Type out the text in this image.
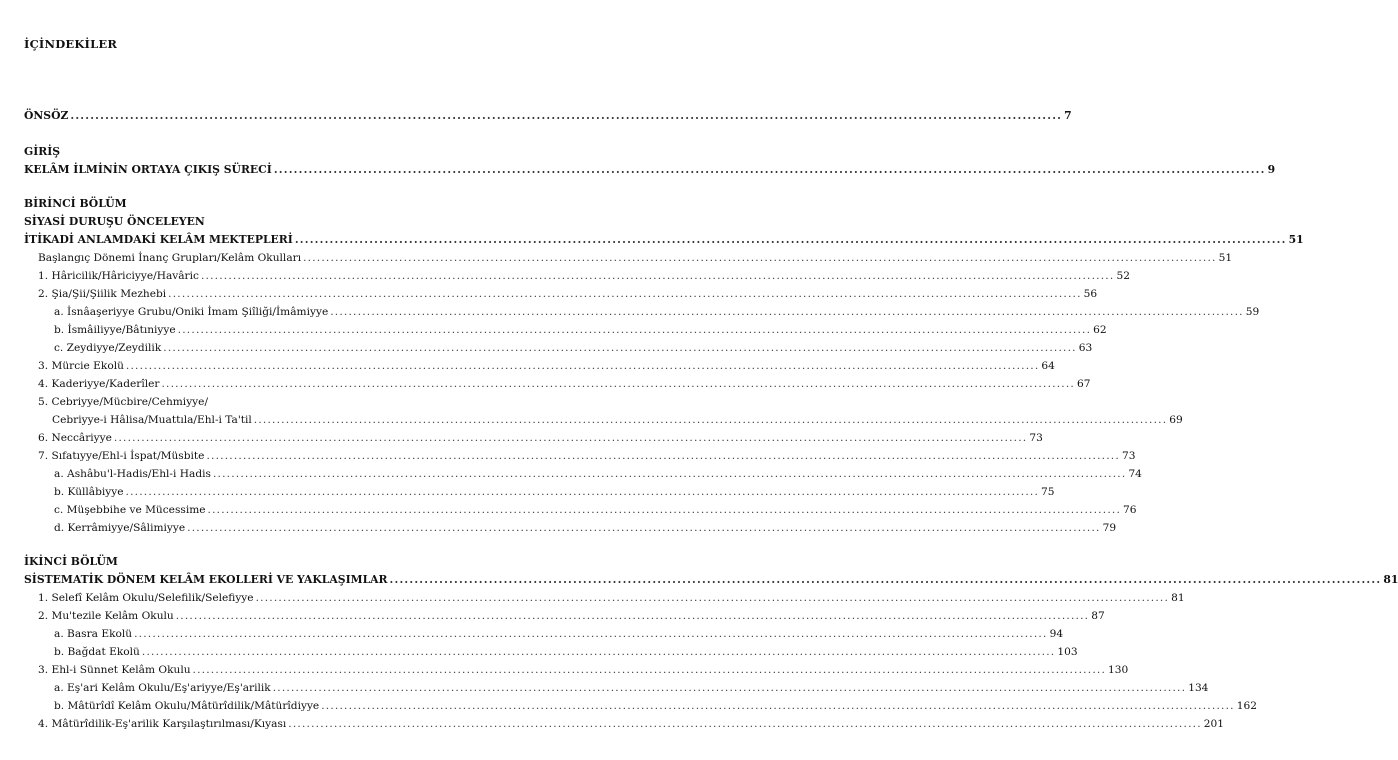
İÇİNDEKİLER
ÖNSÖZ ........................................................................................................................................................................................................ 7
GİRİŞ
KELÂM İLMİNİN ORTAYA ÇIKIŞ SÜRECİ ........................................................................................................................................................................................................ 9
BİRİNCİ BÖLÜM
SİYASİ DURUŞU ÖNCELEYEN
İTİKADİ ANLAMDAKİ KELÂM MEKTEPLERİ ........................................................................................................................................................................................................ 51
Başlangıç Dönemi İnanç Grupları/Kelâm Okulları ........................................................................................................................................................................................................ 51
1. Hâricilik/Hâriciyye/Havâric ........................................................................................................................................................................................................ 52
2. Şia/Şii/Şiilik Mezhebi ........................................................................................................................................................................................................ 56
a. İsnâaşeriyye Grubu/Oniki İmam Şiîliği/İmâmiyye ........................................................................................................................................................................................................ 59
b. İsmâiliyye/Bâtıniyye ........................................................................................................................................................................................................ 62
c. Zeydiyye/Zeydilik ........................................................................................................................................................................................................ 63
3. Mürcie Ekolü ........................................................................................................................................................................................................ 64
4. Kaderiyye/Kaderîler ........................................................................................................................................................................................................ 67
5. Cebriyye/Mücbire/Cehmiyye/
Cebriyye-i Hâlisa/Muattıla/Ehl-i Ta'til ........................................................................................................................................................................................................ 69
6. Neccâriyye ........................................................................................................................................................................................................ 73
7. Sıfatıyye/Ehl-i İspat/Müsbite ........................................................................................................................................................................................................ 73
a. Ashâbu'l-Hadis/Ehl-i Hadis ........................................................................................................................................................................................................ 74
b. Küllâbiyye ........................................................................................................................................................................................................ 75
c. Müşebbihe ve Mücessime ........................................................................................................................................................................................................ 76
d. Kerrâmiyye/Sâlimiyye ........................................................................................................................................................................................................ 79
İKİNCİ BÖLÜM
SİSTEMATİK DÖNEM KELÂM EKOLLERİ VE YAKLAŞIMLAR ........................................................................................................................................................................................................ 81
1. Selefî Kelâm Okulu/Selefilik/Selefiyye ........................................................................................................................................................................................................ 81
2. Mu'tezile Kelâm Okulu ........................................................................................................................................................................................................ 87
a. Basra Ekolü ........................................................................................................................................................................................................ 94
b. Bağdat Ekolü ........................................................................................................................................................................................................ 103
3. Ehl-i Sünnet Kelâm Okulu ........................................................................................................................................................................................................ 130
a. Eş'ari Kelâm Okulu/Eş'ariyye/Eş'arilik ........................................................................................................................................................................................................ 134
b. Mâtürîdî Kelâm Okulu/Mâtürîdilik/Mâtürîdiyye ........................................................................................................................................................................................................ 162
4. Mâtürîdilik-Eş'arilik Karşılaştırılması/Kıyası ........................................................................................................................................................................................................ 201
